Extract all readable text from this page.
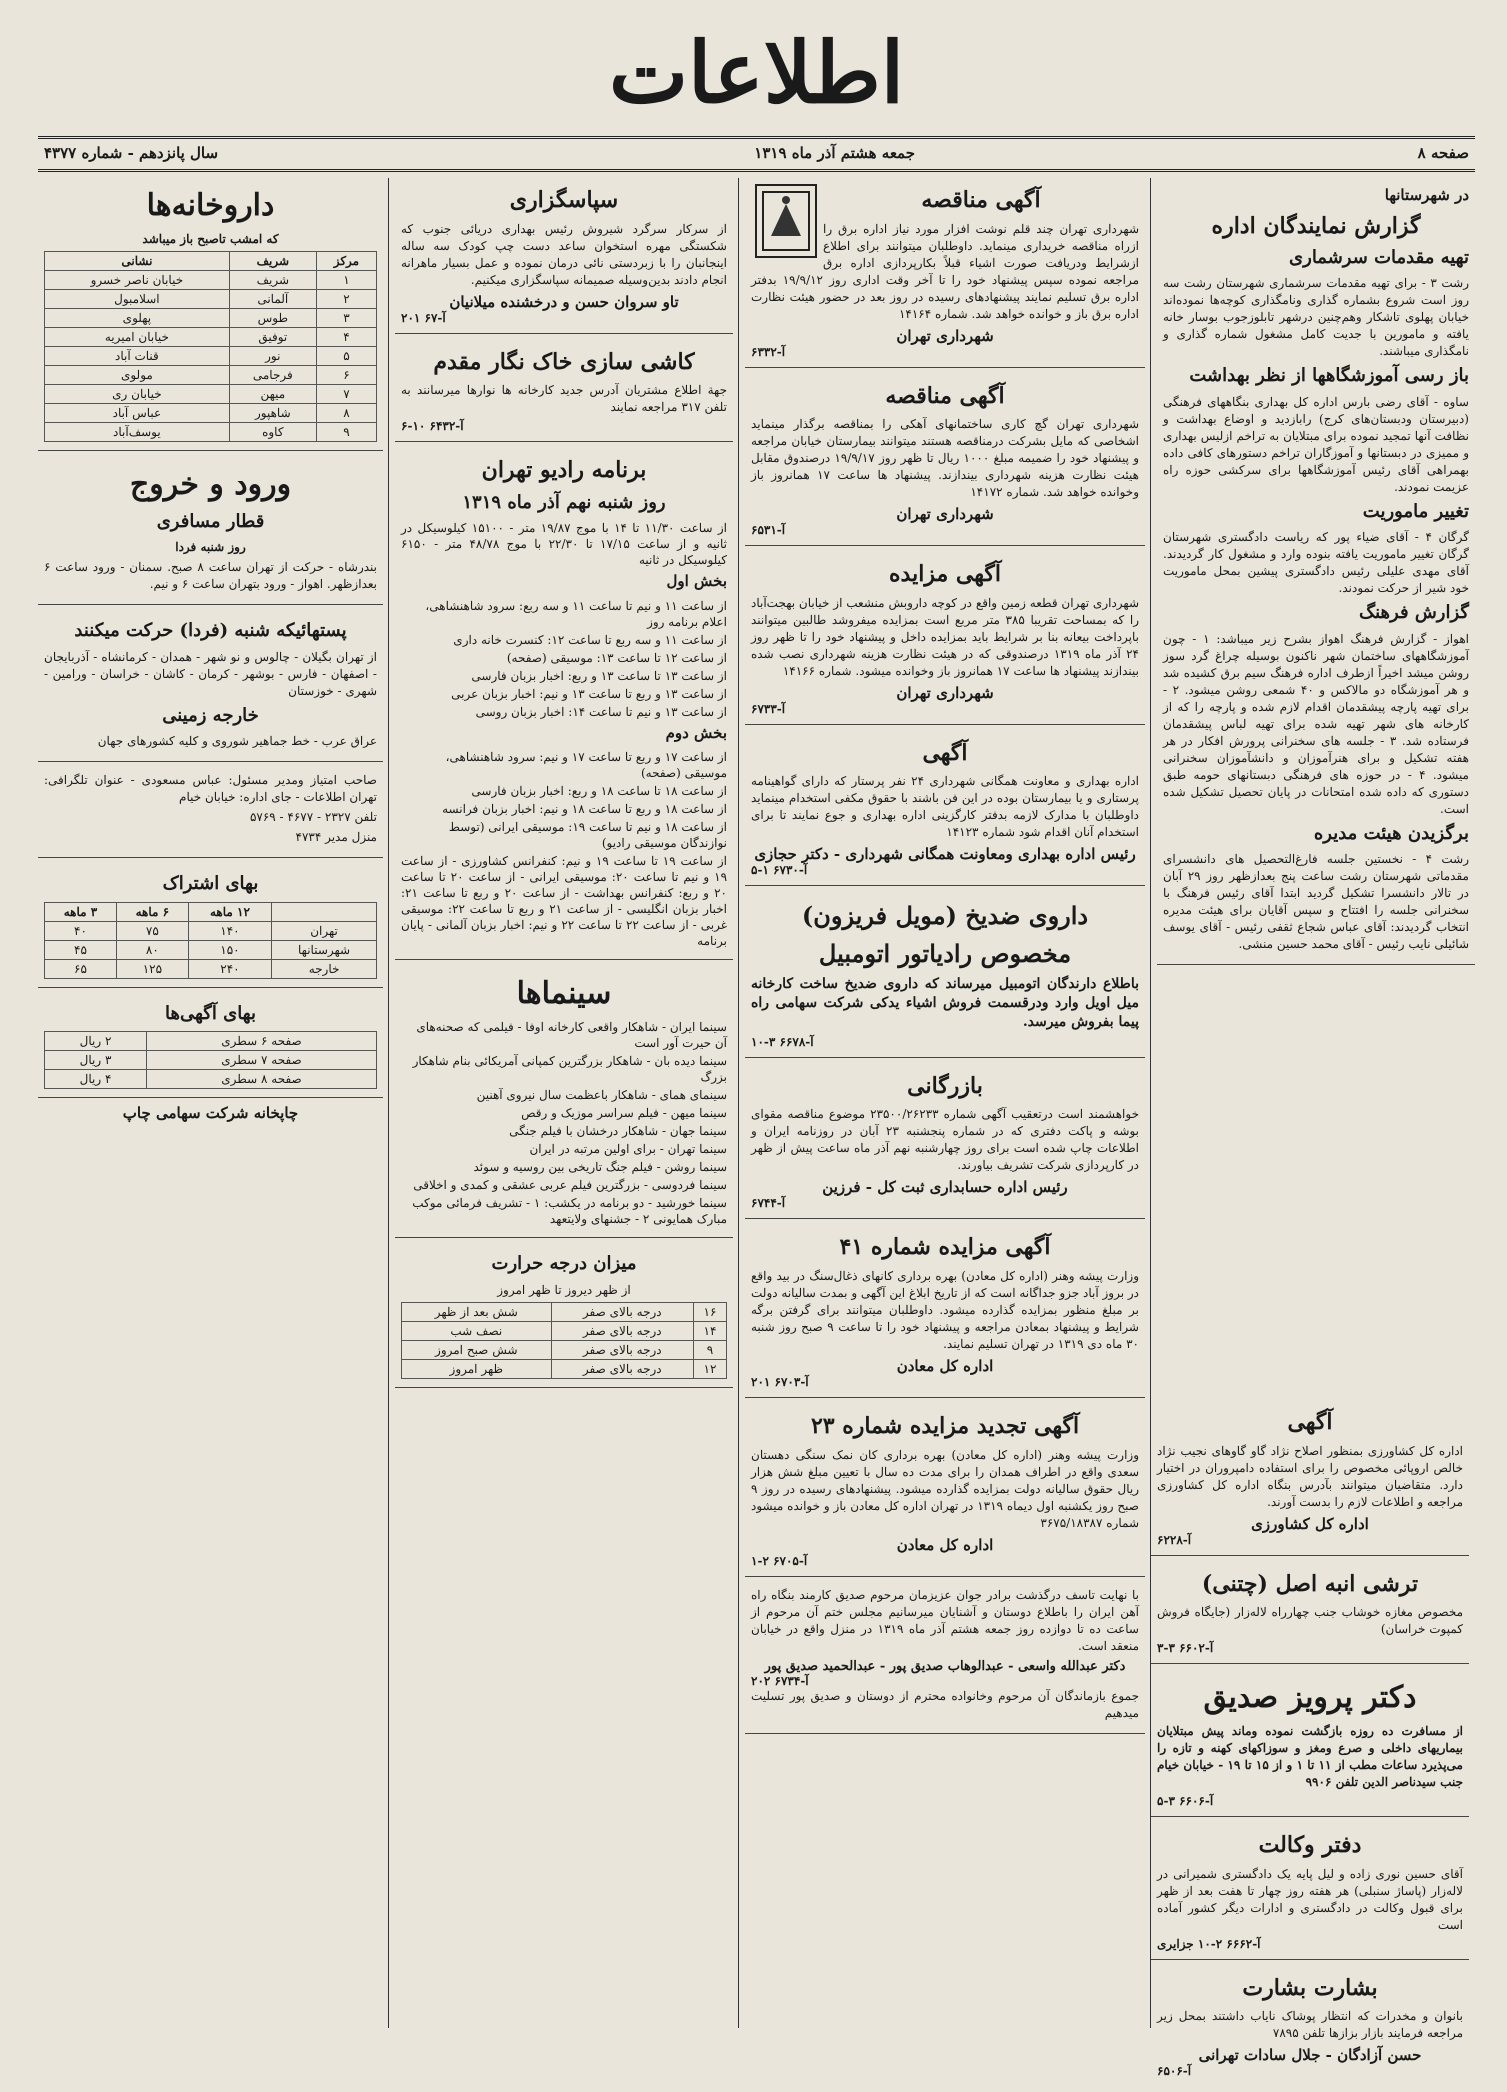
اطلاعات
صفحه ۸
جمعه هشتم آذر ماه ۱۳۱۹
سال پانزدهم - شماره ۴۳۷۷
در شهرستانها
گزارش نمایندگان اداره
تهیه مقدمات سرشماری

رشت ۳ - برای تهیه مقدمات سرشماری شهرستان رشت سه روز است شروع بشماره گذاری ونامگذاری کوچه‌ها نموده‌اند خیابان پهلوی تاشکار وهم‌چنین درشهر تابلوزجوب بوسار خانه یافته و مامورین با جدیت کامل مشغول شماره گذاری و نامگذاری میباشند.

باز رسی آموزشگاهها از نظر بهداشت

ساوه - آقای رضی بارس اداره کل بهداری بنگاههای فرهنگی (دبیرستان ودبستان‌های کرج) رابازدید و اوضاع بهداشت و نظافت آنها تمجید نموده برای مبتلایان به تراخم ازلیس بهداری و ممیزی در دبستانها و آموزگاران تراخم دستورهای کافی داده بهمراهی آقای رئیس آموزشگاهها برای سرکشی حوزه راه عزیمت نمودند.

تغییر ماموریت

گرگان ۴ - آقای ضیاء پور که ریاست دادگستری شهرستان گرگان تغییر ماموریت یافته بنوده وارد و مشغول کار گردیدند. آقای مهدی علیلی رئیس دادگستری پیشین بمحل ماموریت خود شیر از حرکت نمودند.

گزارش فرهنگ

اهواز - گزارش فرهنگ اهواز بشرح زیر میباشد: ۱ - چون آموزشگاههای ساختمان شهر ناکنون بوسیله چراغ گرد سوز روشن میشد اخیراً ازطرف اداره فرهنگ سیم برق کشیده شد و هر آموزشگاه دو مالاکس و ۴۰ شمعی روشن میشود. ۲ - برای تهیه پارچه پیشقدمان اقدام لازم شده و پارچه را که از کارخانه های شهر تهیه شده برای تهیه لباس پیشقدمان فرستاده شد. ۳ - جلسه های سخنرانی پرورش افکار در هر هفته تشکیل و برای هنرآموزان و دانشآموزان سخنرانی میشود. ۴ - در حوزه های فرهنگی دبستانهای حومه طبق دستوری که داده شده امتحانات در پایان تحصیل تشکیل شده است.

برگزیدن هیئت مدیره

رشت ۴ - نخستین جلسه فارغ‌التحصیل های دانشسرای مقدماتی شهرستان رشت ساعت پنج بعدازظهر روز ۲۹ آبان در تالار دانشسرا تشکیل گردید ابتدا آقای رئیس فرهنگ با سخنرانی جلسه را افتتاح و سپس آقایان برای هیئت مدیره انتخاب گردیدند: آقای عباس شجاع ثقفی رئیس - آقای یوسف شائیلی نایب رئیس - آقای محمد حسین منشی.

آگهی مناقصه

شهرداری تهران چند قلم نوشت افزار مورد نیاز اداره برق را ازراه مناقصه خریداری مینماید. داوطلبان میتوانند برای اطلاع ازشرایط ودریافت صورت اشیاء قبلاً بکارپردازی اداره برق مراجعه نموده سپس پیشنهاد خود را تا آخر وقت اداری روز ۱۹/۹/۱۲ بدفتر اداره برق تسلیم نمایند پیشنهادهای رسیده در روز بعد در حضور هیئت نظارت اداره برق باز و خوانده خواهد شد. شماره ۱۴۱۶۴

شهرداری تهران
آ-۶۳۳۲
آگهی مناقصه

شهرداری تهران گچ کاری ساختمانهای آهکی را بمناقصه برگذار مینماید اشخاصی که مایل بشرکت درمناقصه هستند میتوانند بیمارستان خیابان مراجعه و پیشنهاد خود را ضمیمه مبلغ ۱۰۰۰ ریال تا ظهر روز ۱۹/۹/۱۷ درصندوق مقابل هیئت نظارت هزینه شهرداری بیندازند. پیشنهاد ها ساعت ۱۷ همانروز باز وخوانده خواهد شد. شماره ۱۴۱۷۲

شهرداری تهران
آ-۶۵۳۱
آگهی مزایده

شهرداری تهران قطعه زمین واقع در کوچه داروبش منشعب از خیابان بهجت‌آباد را که بمساحت تقریبا ۳۸۵ متر مربع است بمزایده میفروشد طالبین میتوانند باپرداخت بیعانه بنا بر شرایط باید بمزایده داخل و پیشنهاد خود را تا ظهر روز ۲۴ آذر ماه ۱۳۱۹ درصندوقی که در هیئت نظارت هزینه شهرداری نصب شده بیندازند پیشنهاد ها ساعت ۱۷ همانروز باز وخوانده میشود. شماره ۱۴۱۶۶

شهرداری تهران
آ-۶۷۳۳
آگهی

اداره بهداری و معاونت همگانی شهرداری ۲۴ نفر پرستار که دارای گواهینامه پرستاری و یا بیمارستان بوده در این فن باشند با حقوق مکفی استخدام مینماید داوطلبان با مدارک لازمه بدفتر کارگزینی اداره بهداری و جوع نمایند تا برای استخدام آنان اقدام شود شماره ۱۴۱۲۳

رئیس اداره بهداری ومعاونت همگانی شهرداری - دکتر حجازی
آ-۶۷۳۰ ۱-۵
داروی ضدیخ (مویل فریزون)
مخصوص رادیاتور اتومبیل

باطلاع دارندگان اتومبیل میرساند که داروی ضدیخ ساخت کارخانه میل اویل وارد ودرقسمت فروش اشیاء یدکی شرکت سهامی راه پیما بفروش میرسد.

آ-۶۶۷۸ ۳-۱۰
بازرگانی

خواهشمند است درتعقیب آگهی شماره ۲۳۵۰۰/۲۶۲۳۳ موضوع مناقصه مقوای بوشه و پاکت دفتری که در شماره پنجشنبه ۲۳ آبان در روزنامه ایران و اطلاعات چاپ شده است برای روز چهارشنبه نهم آذر ماه ساعت پیش از ظهر در کارپردازی شرکت تشریف بیاورند.

رئیس اداره حسابداری ثبت کل - فرزین
آ-۶۷۴۴
آگهی مزایده شماره ۴۱

وزارت پیشه وهنر (اداره کل معادن) بهره برداری کانهای ذغال‌سنگ در بید واقع در بروز آباد جزو جداگانه است که از تاریخ ابلاغ این آگهی و بمدت سالیانه دولت بر مبلغ منظور بمزایده گذارده میشود. داوطلبان میتوانند برای گرفتن برگه شرایط و پیشنهاد بمعادن مراجعه و پیشنهاد خود را تا ساعت ۹ صبح روز شنبه ۳۰ ماه دی ۱۳۱۹ در تهران تسلیم نمایند.

اداره کل معادن
آ-۶۷۰۳ ۲۰۱
آگهی تجدید مزایده شماره ۲۳

وزارت پیشه وهنر (اداره کل معادن) بهره برداری کان نمک سنگی دهستان سعدی واقع در اطراف همدان را برای مدت ده سال با تعیین مبلغ شش هزار ریال حقوق سالیانه دولت بمزایده گذارده میشود. پیشنهادهای رسیده در روز ۹ صبح روز یکشنبه اول دیماه ۱۳۱۹ در تهران اداره کل معادن باز و خوانده میشود شماره ۳۶۷۵/۱۸۳۸۷

اداره کل معادن
آ-۶۷۰۵ ۲-۱

با نهایت تاسف درگذشت برادر جوان عزیزمان مرحوم صدیق کارمند بنگاه راه آهن ایران را باطلاع دوستان و آشنایان میرسانیم مجلس ختم آن مرحوم از ساعت ده تا دوازده روز جمعه هشتم آذر ماه ۱۳۱۹ در منزل واقع در خیابان منعقد است.

دکتر عبدالله واسعی - عبدالوهاب صدیق پور - عبدالحمید صدیق پور
آ-۶۷۳۴ ۲۰۲

جموع بازماندگان آن مرحوم وخانواده محترم از دوستان و صدیق پور تسلیت میدهیم

سپاسگزاری

از سرکار سرگرد شیروش رئیس بهداری دریائی جنوب که شکستگی مهره استخوان ساعد دست چپ کودک سه ساله اینجانبان را با زبردستی نائی درمان نموده و عمل بسیار ماهرانه انجام دادند بدین‌وسیله صمیمانه سپاسگزاری میکنیم.

تاو سروان حسن و درخشنده میلانیان
آ-۶۷ ۲۰۱
کاشی سازی خاک نگار مقدم

جهة اطلاع مشتریان آدرس جدید کارخانه ها نوارها میرسانند به تلفن ۳۱۷ مراجعه نمایند

آ-۶۴۳۲ ۱۰-۶
برنامه رادیو تهران
روز شنبه نهم آذر ماه ۱۳۱۹

از ساعت ۱۱/۳۰ تا ۱۴ با موج ۱۹/۸۷ متر - ۱۵۱۰۰ کیلوسیکل در ثانیه و از ساعت ۱۷/۱۵ تا ۲۲/۳۰ با موج ۴۸/۷۸ متر - ۶۱۵۰ کیلوسیکل در ثانیه

بخش اول

از ساعت ۱۱ و نیم تا ساعت ۱۱ و سه ربع: سرود شاهنشاهی، اعلام برنامه روز

از ساعت ۱۱ و سه ربع تا ساعت ۱۲: کنسرت خانه داری

از ساعت ۱۲ تا ساعت ۱۳: موسیقی (صفحه)

از ساعت ۱۳ تا ساعت ۱۳ و ربع: اخبار بزبان فارسی

از ساعت ۱۳ و ربع تا ساعت ۱۳ و نیم: اخبار بزبان عربی

از ساعت ۱۳ و نیم تا ساعت ۱۴: اخبار بزبان روسی

بخش دوم

از ساعت ۱۷ و ربع تا ساعت ۱۷ و نیم: سرود شاهنشاهی، موسیقی (صفحه)

از ساعت ۱۸ تا ساعت ۱۸ و ربع: اخبار بزبان فارسی

از ساعت ۱۸ و ربع تا ساعت ۱۸ و نیم: اخبار بزبان فرانسه

از ساعت ۱۸ و نیم تا ساعت ۱۹: موسیقی ایرانی (توسط نوازندگان موسیقی رادیو)

از ساعت ۱۹ تا ساعت ۱۹ و نیم: کنفرانس کشاورزی - از ساعت ۱۹ و نیم تا ساعت ۲۰: موسیقی ایرانی - از ساعت ۲۰ تا ساعت ۲۰ و ربع: کنفرانس بهداشت - از ساعت ۲۰ و ربع تا ساعت ۲۱: اخبار بزبان انگلیسی - از ساعت ۲۱ و ربع تا ساعت ۲۲: موسیقی غربی - از ساعت ۲۲ تا ساعت ۲۲ و نیم: اخبار بزبان آلمانی - پایان برنامه

سینماها

سینما ایران - شاهکار واقعی کارخانه اوفا - فیلمی که صحنه‌های آن حیرت آور است

سینما دیده بان - شاهکار بزرگترین کمپانی آمریکائی بنام شاهکار بزرگ

سینمای همای - شاهکار باعظمت سال نیروی آهنین

سینما میهن - فیلم سراسر موزیک و رقص

سینما جهان - شاهکار درخشان با فیلم جنگی

سینما تهران - برای اولین مرتبه در ایران

سینما روشن - فیلم جنگ تاریخی بین روسیه و سوئد

سینما فردوسی - بزرگترین فیلم عربی عشقی و کمدی و اخلاقی

سینما خورشید - دو برنامه در یکشب: ۱ - تشریف فرمائی موکب مبارک همایونی ۲ - جشنهای ولایتعهد

میزان درجه حرارت
از ظهر دیروز تا ظهر امروز
۱۶	درجه بالای صفر	شش بعد از ظهر
۱۴	درجه بالای صفر	نصف شب
۹	درجه بالای صفر	شش صبح امروز
۱۲	درجه بالای صفر	ظهر امروز
داروخانه‌ها
که امشب تاصبح باز میباشد
مرکز	شریف	نشانی
۱	شریف	خیابان ناصر خسرو
۲	آلمانی	اسلامبول
۳	طوس	پهلوی
۴	توفیق	خیابان امیریه
۵	نور	قنات آباد
۶	فرجامی	مولوی
۷	میهن	خیابان ری
۸	شاهپور	عباس آباد
۹	کاوه	یوسف‌آباد
ورود و خروج
قطار مسافری
روز شنبه فردا

بندرشاه - حرکت از تهران ساعت ۸ صبح. سمنان - ورود ساعت ۶ بعدازظهر. اهواز - ورود بتهران ساعت ۶ و نیم.

پستهائیکه شنبه (فردا) حرکت میکنند

از تهران بگیلان - چالوس و نو شهر - همدان - کرمانشاه - آذربایجان - اصفهان - فارس - بوشهر - کرمان - کاشان - خراسان - ورامین - شهری - خوزستان

خارجه زمینی

عراق عرب - خط جماهیر شوروی و کلیه کشورهای جهان

صاحب امتیاز ومدیر مسئول: عباس مسعودی - عنوان تلگرافی: تهران اطلاعات - جای اداره: خیابان خیام

تلفن ۲۳۲۷ - ۴۶۷۷ - ۵۷۶۹

منزل مدیر ۴۷۳۴

بهای اشتراک
	۱۲ ماهه	۶ ماهه	۳ ماهه
تهران	۱۴۰	۷۵	۴۰
شهرستانها	۱۵۰	۸۰	۴۵
خارجه	۲۴۰	۱۲۵	۶۵
بهای آگهی‌ها
صفحه ۶ سطری	۲ ریال
صفحه ۷ سطری	۳ ریال
صفحه ۸ سطری	۴ ریال
چاپخانه شرکت سهامی چاپ
آگهی

اداره کل کشاورزی بمنظور اصلاح نژاد گاو گاوهای نجیب نژاد خالص اروپائی مخصوص را برای استفاده دامپروران در اختیار دارد. متقاضیان میتوانند بآدرس بنگاه اداره کل کشاورزی مراجعه و اطلاعات لازم را بدست آورند.

اداره کل کشاورزی
آ-۶۲۲۸
ترشی انبه اصل (چتنی)

مخصوص مغازه خوشاب جنب چهارراه لاله‌زار (جایگاه فروش کمپوت خراسان)

آ-۶۶۰۲ ۳-۳
دکتر پرویز صدیق

از مسافرت ده روزه بازگشت نموده وماند پیش مبتلایان بیماریهای داخلی و صرع ومغز و سوزاکهای کهنه و تازه را می‌پذیرد ساعات مطب از ۱۱ تا ۱ و از ۱۵ تا ۱۹ - خیابان خیام جنب سیدناصر الدین تلفن ۹۹۰۶

آ-۶۶۰۶ ۳-۵
دفتر وکالت

آقای حسین نوری زاده و لیل پایه یک دادگستری شمیرانی در لاله‌زار (پاساژ سنبلی) هر هفته روز چهار تا هفت بعد از ظهر برای قبول وکالت در دادگستری و ادارات دیگر کشور آماده است

آ-۶۶۶۲ ۲-۱۰ جزایری
بشارت بشارت

بانوان و مخدرات که انتظار پوشاک نایاب داشتند بمحل زیر مراجعه فرمایند بازار بزازها تلفن ۷۸۹۵

حسن آزادگان - جلال سادات تهرانی
آ-۶۵۰۶
